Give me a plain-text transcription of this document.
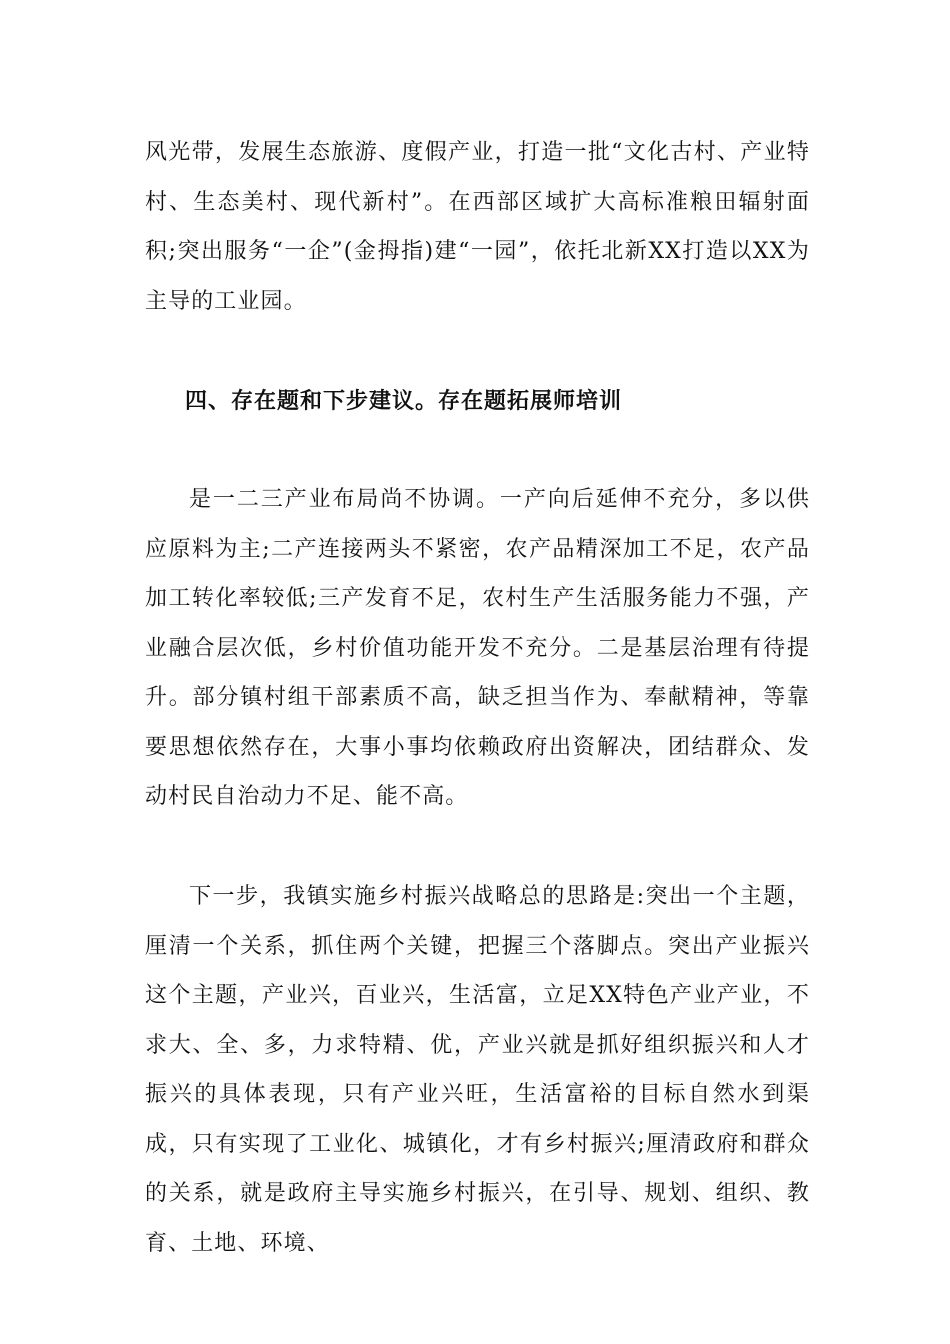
风光带，发展生态旅游、度假产业，打造一批“文化古村、产业特村、生态美村、现代新村”。在西部区域扩大高标准粮田辐射面积;突出服务“一企”(金拇指)建“一园”，依托北新XX打造以XX为主导的工业园。

四、存在题和下步建议。存在题拓展师培训

是一二三产业布局尚不协调。一产向后延伸不充分，多以供应原料为主;二产连接两头不紧密，农产品精深加工不足，农产品加工转化率较低;三产发育不足，农村生产生活服务能力不强，产业融合层次低，乡村价值功能开发不充分。二是基层治理有待提升。部分镇村组干部素质不高，缺乏担当作为、奉献精神，等靠要思想依然存在，大事小事均依赖政府出资解决，团结群众、发动村民自治动力不足、能不高。

下一步，我镇实施乡村振兴战略总的思路是:突出一个主题，厘清一个关系，抓住两个关键，把握三个落脚点。突出产业振兴这个主题，产业兴，百业兴，生活富，立足XX特色产业产业，不求大、全、多，力求特精、优，产业兴就是抓好组织振兴和人才振兴的具体表现，只有产业兴旺，生活富裕的目标自然水到渠成，只有实现了工业化、城镇化，才有乡村振兴;厘清政府和群众的关系，就是政府主导实施乡村振兴，在引导、规划、组织、教育、土地、环境、
